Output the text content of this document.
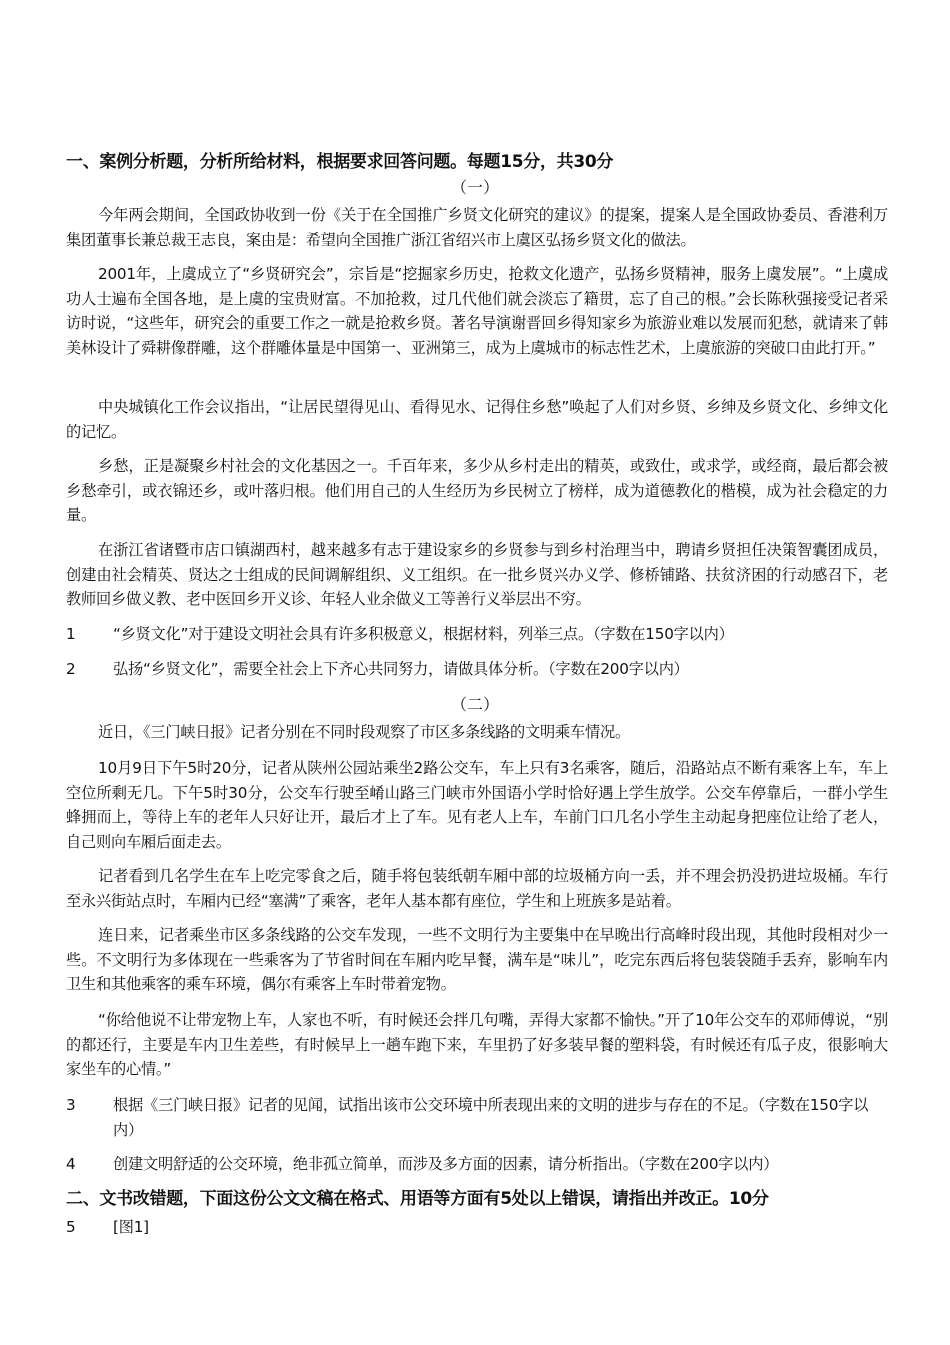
一、案例分析题，分析所给材料，根据要求回答问题。每题15分，共30分
（一）

今年两会期间，全国政协收到一份《关于在全国推广乡贤文化研究的建议》的提案，提案人是全国政协委员、香港利万集团董事长兼总裁王志良，案由是：希望向全国推广浙江省绍兴市上虞区弘扬乡贤文化的做法。

2001年，上虞成立了“乡贤研究会”，宗旨是“挖掘家乡历史，抢救文化遗产，弘扬乡贤精神，服务上虞发展”。“上虞成功人士遍布全国各地，是上虞的宝贵财富。不加抢救，过几代他们就会淡忘了籍贯，忘了自己的根。”会长陈秋强接受记者采访时说，“这些年，研究会的重要工作之一就是抢救乡贤。著名导演谢晋回乡得知家乡为旅游业难以发展而犯愁，就请来了韩美林设计了舜耕像群雕，这个群雕体量是中国第一、亚洲第三，成为上虞城市的标志性艺术，上虞旅游的突破口由此打开。”

中央城镇化工作会议指出，“让居民望得见山、看得见水、记得住乡愁”唤起了人们对乡贤、乡绅及乡贤文化、乡绅文化的记忆。

乡愁，正是凝聚乡村社会的文化基因之一。千百年来，多少从乡村走出的精英，或致仕，或求学，或经商，最后都会被乡愁牵引，或衣锦还乡，或叶落归根。他们用自己的人生经历为乡民树立了榜样，成为道德教化的楷模，成为社会稳定的力量。

在浙江省诸暨市店口镇湖西村，越来越多有志于建设家乡的乡贤参与到乡村治理当中，聘请乡贤担任决策智囊团成员，创建由社会精英、贤达之士组成的民间调解组织、义工组织。在一批乡贤兴办义学、修桥铺路、扶贫济困的行动感召下，老教师回乡做义教、老中医回乡开义诊、年轻人业余做义工等善行义举层出不穷。

1 “乡贤文化”对于建设文明社会具有许多积极意义，根据材料，列举三点。（字数在150字以内）
2 弘扬“乡贤文化”，需要全社会上下齐心共同努力，请做具体分析。（字数在200字以内）
（二）

近日，《三门峡日报》记者分别在不同时段观察了市区多条线路的文明乘车情况。

10月9日下午5时20分，记者从陕州公园站乘坐2路公交车，车上只有3名乘客，随后，沿路站点不断有乘客上车，车上空位所剩无几。下午5时30分，公交车行驶至崤山路三门峡市外国语小学时恰好遇上学生放学。公交车停靠后，一群小学生蜂拥而上，等待上车的老年人只好让开，最后才上了车。见有老人上车，车前门口几名小学生主动起身把座位让给了老人，自己则向车厢后面走去。

记者看到几名学生在车上吃完零食之后，随手将包装纸朝车厢中部的垃圾桶方向一丢，并不理会扔没扔进垃圾桶。车行至永兴街站点时，车厢内已经“塞满”了乘客，老年人基本都有座位，学生和上班族多是站着。

连日来，记者乘坐市区多条线路的公交车发现，一些不文明行为主要集中在早晚出行高峰时段出现，其他时段相对少一些。不文明行为多体现在一些乘客为了节省时间在车厢内吃早餐，满车是“味儿”，吃完东西后将包装袋随手丢弃，影响车内卫生和其他乘客的乘车环境，偶尔有乘客上车时带着宠物。

“你给他说不让带宠物上车，人家也不听，有时候还会拌几句嘴，弄得大家都不愉快。”开了10年公交车的邓师傅说，“别的都还行，主要是车内卫生差些，有时候早上一趟车跑下来，车里扔了好多装早餐的塑料袋，有时候还有瓜子皮，很影响大家坐车的心情。”

3 根据《三门峡日报》记者的见闻，试指出该市公交环境中所表现出来的文明的进步与存在的不足。（字数在150字以内）
4 创建文明舒适的公交环境，绝非孤立简单，而涉及多方面的因素，请分析指出。（字数在200字以内）
二、文书改错题，下面这份公文文稿在格式、用语等方面有5处以上错误，请指出并改正。10分
5 [图1]
